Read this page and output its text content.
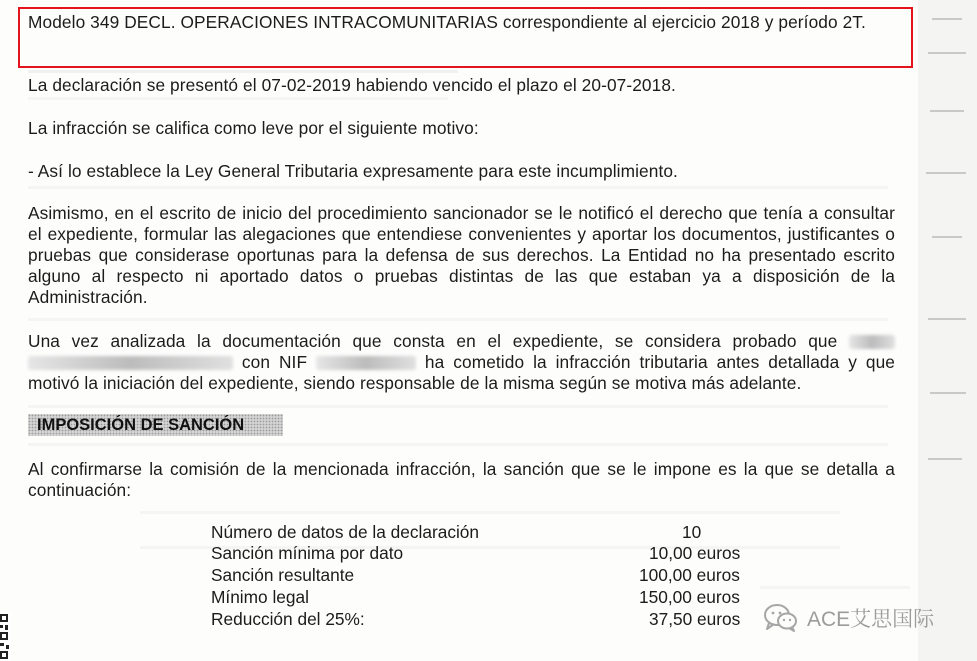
Modelo 349 DECL. OPERACIONES INTRACOMUNITARIAS correspondiente al ejercicio 2018 y período 2T.

La declaración se presentó el 07-02-2019 habiendo vencido el plazo el 20-07-2018.

La infracción se califica como leve por el siguiente motivo:

- Así lo establece la Ley General Tributaria expresamente para este incumplimiento.

Asimismo, en el escrito de inicio del procedimiento sancionador se le notificó el derecho que tenía a consultar el expediente, formular las alegaciones que entendiese convenientes y aportar los documentos, justificantes o pruebas que considerase oportunas para la defensa de sus derechos. La Entidad no ha presentado escrito alguno al respecto ni aportado datos o pruebas distintas de las que estaban ya a disposición de la Administración.

Una vez analizada la documentación que consta en el expediente, se considera probado que   con NIF	ha cometido la infracción tributaria antes detallada y que motivó la iniciación del expediente, siendo responsable de la misma según se motiva más adelante.

IMPOSICIÓN DE SANCIÓN

Al confirmarse la comisión de la mencionada infracción, la sanción que se le impone es la que se detalla a continuación:

Número de datos de la declaración	10
Sanción mínima por dato	10,00 euros
Sanción resultante	100,00 euros
Mínimo legal	150,00 euros
Reducción del 25%:	37,50 euros	ACE艾思国际
